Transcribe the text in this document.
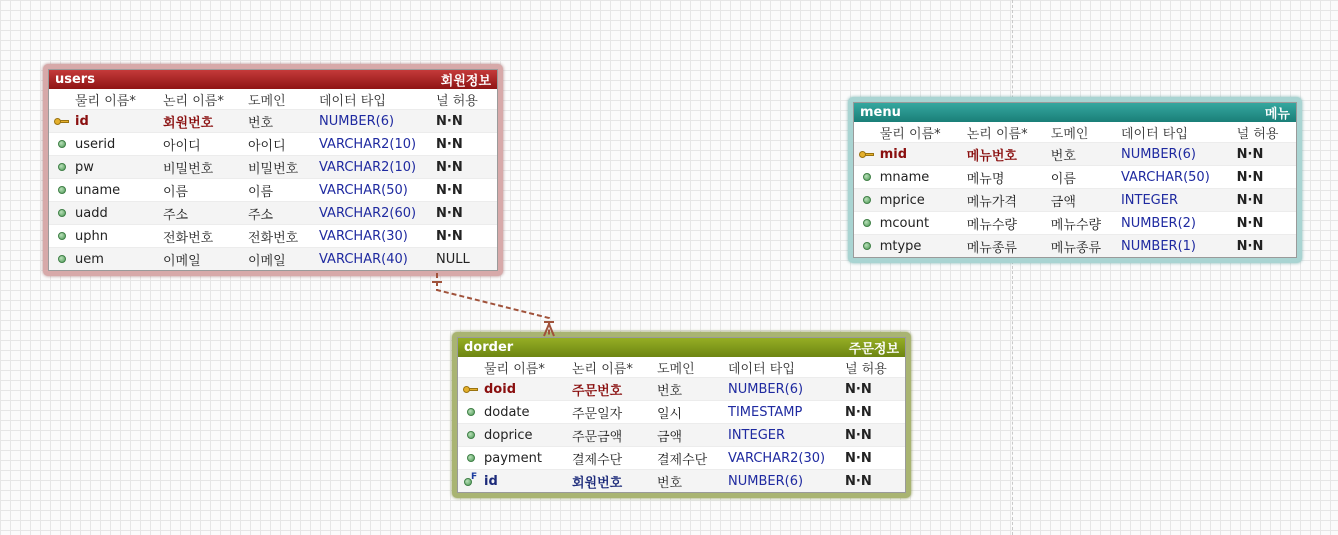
users	회원정보
물리 이름*	논리 이름*	도메인	데이터 타입	널 허용
id	회원번호	번호	NUMBER(6)	N·N
userid	아이디	아이디	VARCHAR2(10)	N·N
pw	비밀번호	비밀번호	VARCHAR2(10)	N·N
uname	이름	이름	VARCHAR(50)	N·N
uadd	주소	주소	VARCHAR2(60)	N·N
uphn	전화번호	전화번호	VARCHAR(30)	N·N
uem	이메일	이메일	VARCHAR(40)	NULL
menu	메뉴
물리 이름*	논리 이름*	도메인	데이터 타입	널 허용
mid	메뉴번호	번호	NUMBER(6)	N·N
mname	메뉴명	이름	VARCHAR(50)	N·N
mprice	메뉴가격	금액	INTEGER	N·N
mcount	메뉴수량	메뉴수량	NUMBER(2)	N·N
mtype	메뉴종류	메뉴종류	NUMBER(1)	N·N
dorder	주문정보
물리 이름*	논리 이름*	도메인	데이터 타입	널 허용
doid	주문번호	번호	NUMBER(6)	N·N
dodate	주문일자	일시	TIMESTAMP	N·N
doprice	주문금액	금액	INTEGER	N·N
payment	결제수단	결제수단	VARCHAR2(30)	N·N
F id	회원번호	번호	NUMBER(6)	N·N
